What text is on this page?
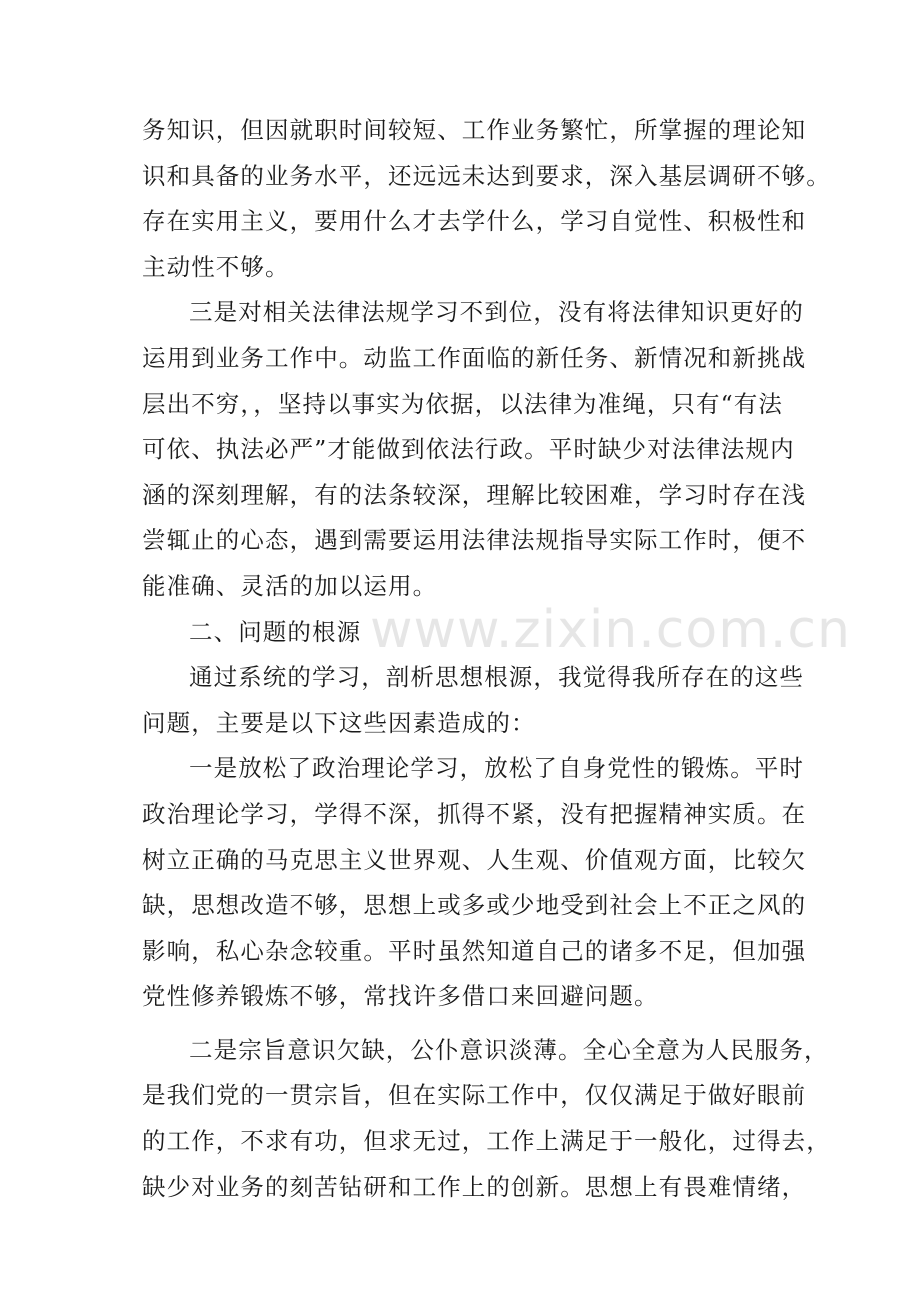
务知识，但因就职时间较短、工作业务繁忙，所掌握的理论知
识和具备的业务水平，还远远未达到要求，深入基层调研不够。
存在实用主义，要用什么才去学什么，学习自觉性、积极性和
主动性不够。
三是对相关法律法规学习不到位，没有将法律知识更好的
运用到业务工作中。动监工作面临的新任务、新情况和新挑战
层出不穷，，坚持以事实为依据，以法律为准绳，只有“有法
可依、执法必严”才能做到依法行政。平时缺少对法律法规内
涵的深刻理解，有的法条较深，理解比较困难，学习时存在浅
尝辄止的心态，遇到需要运用法律法规指导实际工作时，便不
能准确、灵活的加以运用。
二、问题的根源
通过系统的学习，剖析思想根源，我觉得我所存在的这些
问题，主要是以下这些因素造成的：
一是放松了政治理论学习，放松了自身党性的锻炼。平时
政治理论学习，学得不深，抓得不紧，没有把握精神实质。在
树立正确的马克思主义世界观、人生观、价值观方面，比较欠
缺，思想改造不够，思想上或多或少地受到社会上不正之风的
影响，私心杂念较重。平时虽然知道自己的诸多不足，但加强
党性修养锻炼不够，常找许多借口来回避问题。
二是宗旨意识欠缺，公仆意识淡薄。全心全意为人民服务，
是我们党的一贯宗旨，但在实际工作中，仅仅满足于做好眼前
的工作，不求有功，但求无过，工作上满足于一般化，过得去，
缺少对业务的刻苦钻研和工作上的创新。思想上有畏难情绪，
www.zixin.com.cn
